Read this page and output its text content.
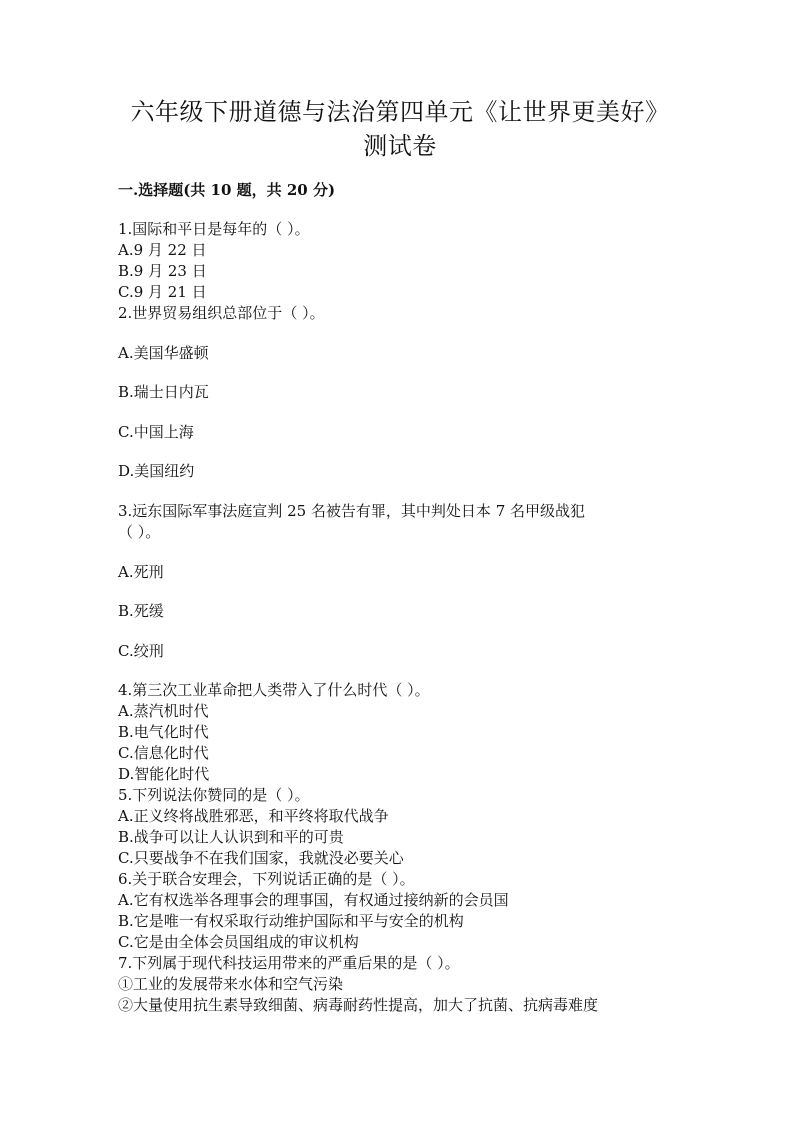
六年级下册道德与法治第四单元《让世界更美好》
测试卷
一.选择题(共 10 题，共 20 分)
1.国际和平日是每年的（ ）。
A.9 月 22 日
B.9 月 23 日
C.9 月 21 日
2.世界贸易组织总部位于（ ）。
A.美国华盛顿
B.瑞士日内瓦
C.中国上海
D.美国纽约
3.远东国际军事法庭宣判 25 名被告有罪，其中判处日本 7 名甲级战犯
（ ）。
A.死刑
B.死缓
C.绞刑
4.第三次工业革命把人类带入了什么时代（ ）。
A.蒸汽机时代
B.电气化时代
C.信息化时代
D.智能化时代
5.下列说法你赞同的是（ ）。
A.正义终将战胜邪恶，和平终将取代战争
B.战争可以让人认识到和平的可贵
C.只要战争不在我们国家，我就没必要关心
6.关于联合安理会，下列说话正确的是（ ）。
A.它有权选举各理事会的理事国，有权通过接纳新的会员国
B.它是唯一有权采取行动维护国际和平与安全的机构
C.它是由全体会员国组成的审议机构
7.下列属于现代科技运用带来的严重后果的是（ ）。
①工业的发展带来水体和空气污染
②大量使用抗生素导致细菌、病毒耐药性提高，加大了抗菌、抗病毒难度
